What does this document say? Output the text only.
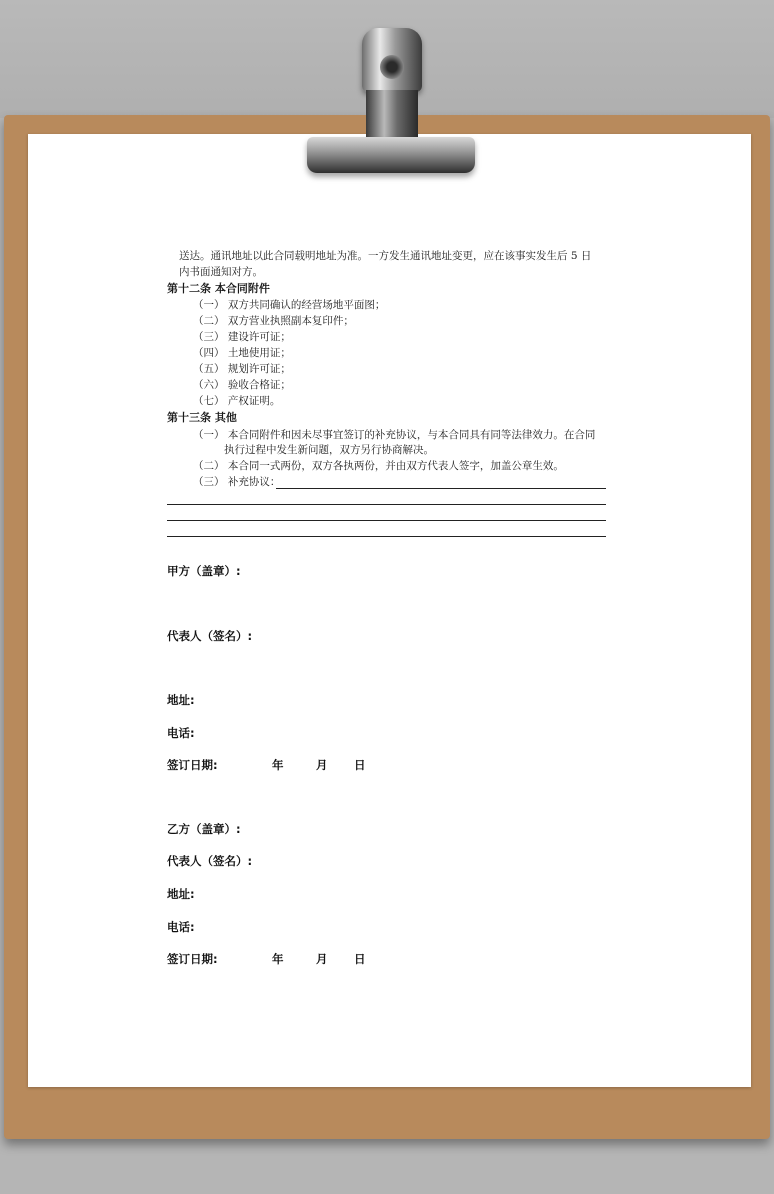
送达。通讯地址以此合同载明地址为准。一方发生通讯地址变更，应在该事实发生后 5 日
内书面通知对方。
第十二条 本合同附件
（一） 双方共同确认的经营场地平面图；
（二） 双方营业执照副本复印件；
（三） 建设许可证；
（四） 土地使用证；
（五） 规划许可证；
（六） 验收合格证；
（七） 产权证明。
第十三条 其他
（一） 本合同附件和因未尽事宜签订的补充协议，与本合同具有同等法律效力。在合同
执行过程中发生新问题，双方另行协商解决。
（二） 本合同一式两份，双方各执两份，并由双方代表人签字，加盖公章生效。
（三） 补充协议：
甲方（盖章）:
代表人（签名）:
地址:
电话:
签订日期:	年	月 日
乙方（盖章）:
代表人（签名）:
地址:
电话:
签订日期:	年	月 日
